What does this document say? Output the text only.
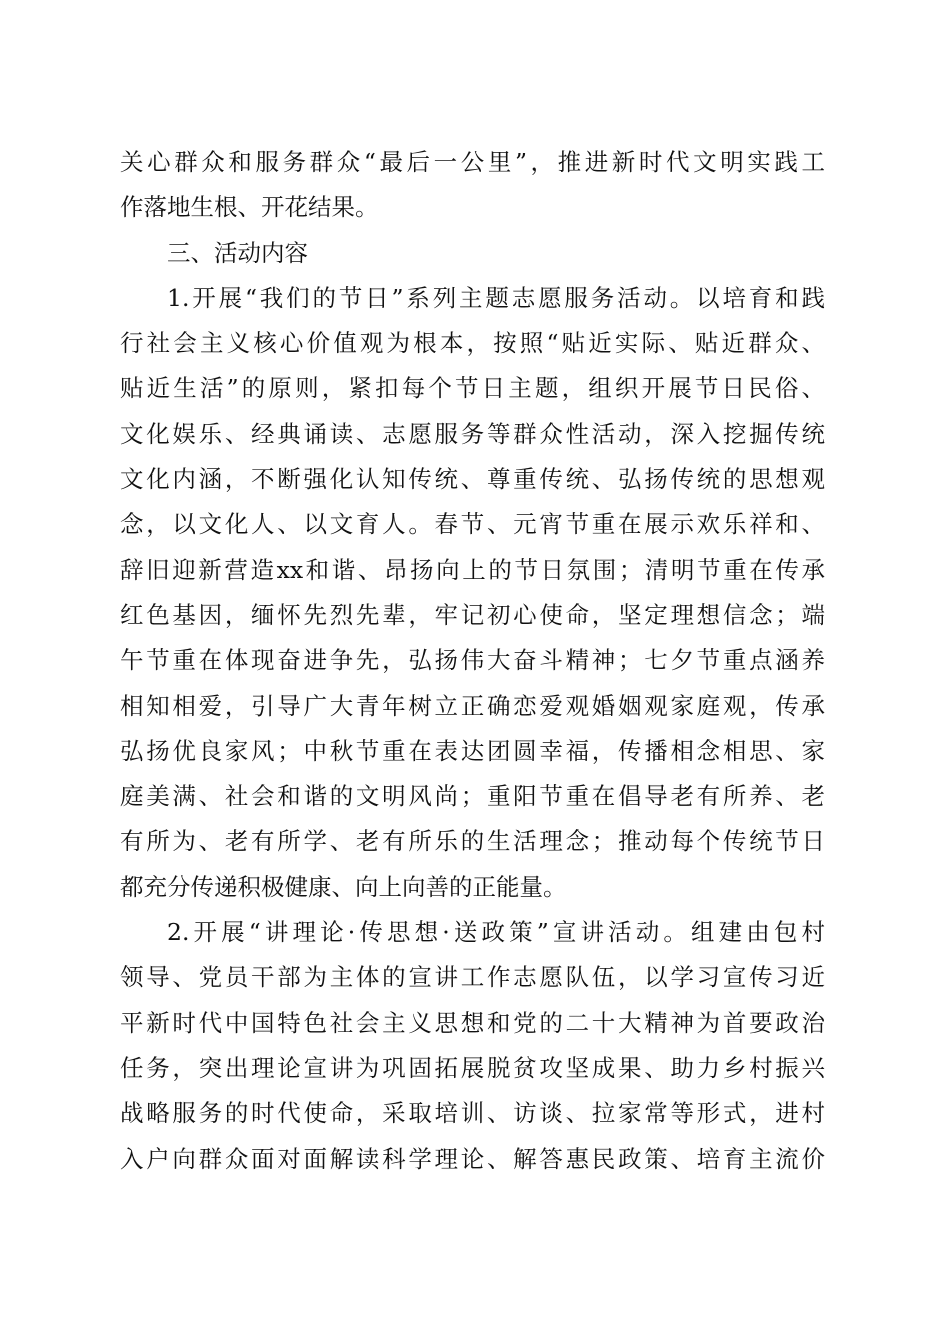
关心群众和服务群众“最后一公里”，推进新时代文明实践工
作落地生根、开花结果。
三、活动内容
1.开展“我们的节日”系列主题志愿服务活动。以培育和践
行社会主义核心价值观为根本，按照“贴近实际、贴近群众、
贴近生活”的原则，紧扣每个节日主题，组织开展节日民俗、
文化娱乐、经典诵读、志愿服务等群众性活动，深入挖掘传统
文化内涵，不断强化认知传统、尊重传统、弘扬传统的思想观
念，以文化人、以文育人。春节、元宵节重在展示欢乐祥和、
辞旧迎新营造xx和谐、昂扬向上的节日氛围；清明节重在传承
红色基因，缅怀先烈先辈，牢记初心使命，坚定理想信念；端
午节重在体现奋进争先，弘扬伟大奋斗精神；七夕节重点涵养
相知相爱，引导广大青年树立正确恋爱观婚姻观家庭观，传承
弘扬优良家风；中秋节重在表达团圆幸福，传播相念相思、家
庭美满、社会和谐的文明风尚；重阳节重在倡导老有所养、老
有所为、老有所学、老有所乐的生活理念；推动每个传统节日
都充分传递积极健康、向上向善的正能量。
2.开展“讲理论·传思想·送政策”宣讲活动。组建由包村
领导、党员干部为主体的宣讲工作志愿队伍，以学习宣传习近
平新时代中国特色社会主义思想和党的二十大精神为首要政治
任务，突出理论宣讲为巩固拓展脱贫攻坚成果、助力乡村振兴
战略服务的时代使命，采取培训、访谈、拉家常等形式，进村
入户向群众面对面解读科学理论、解答惠民政策、培育主流价
